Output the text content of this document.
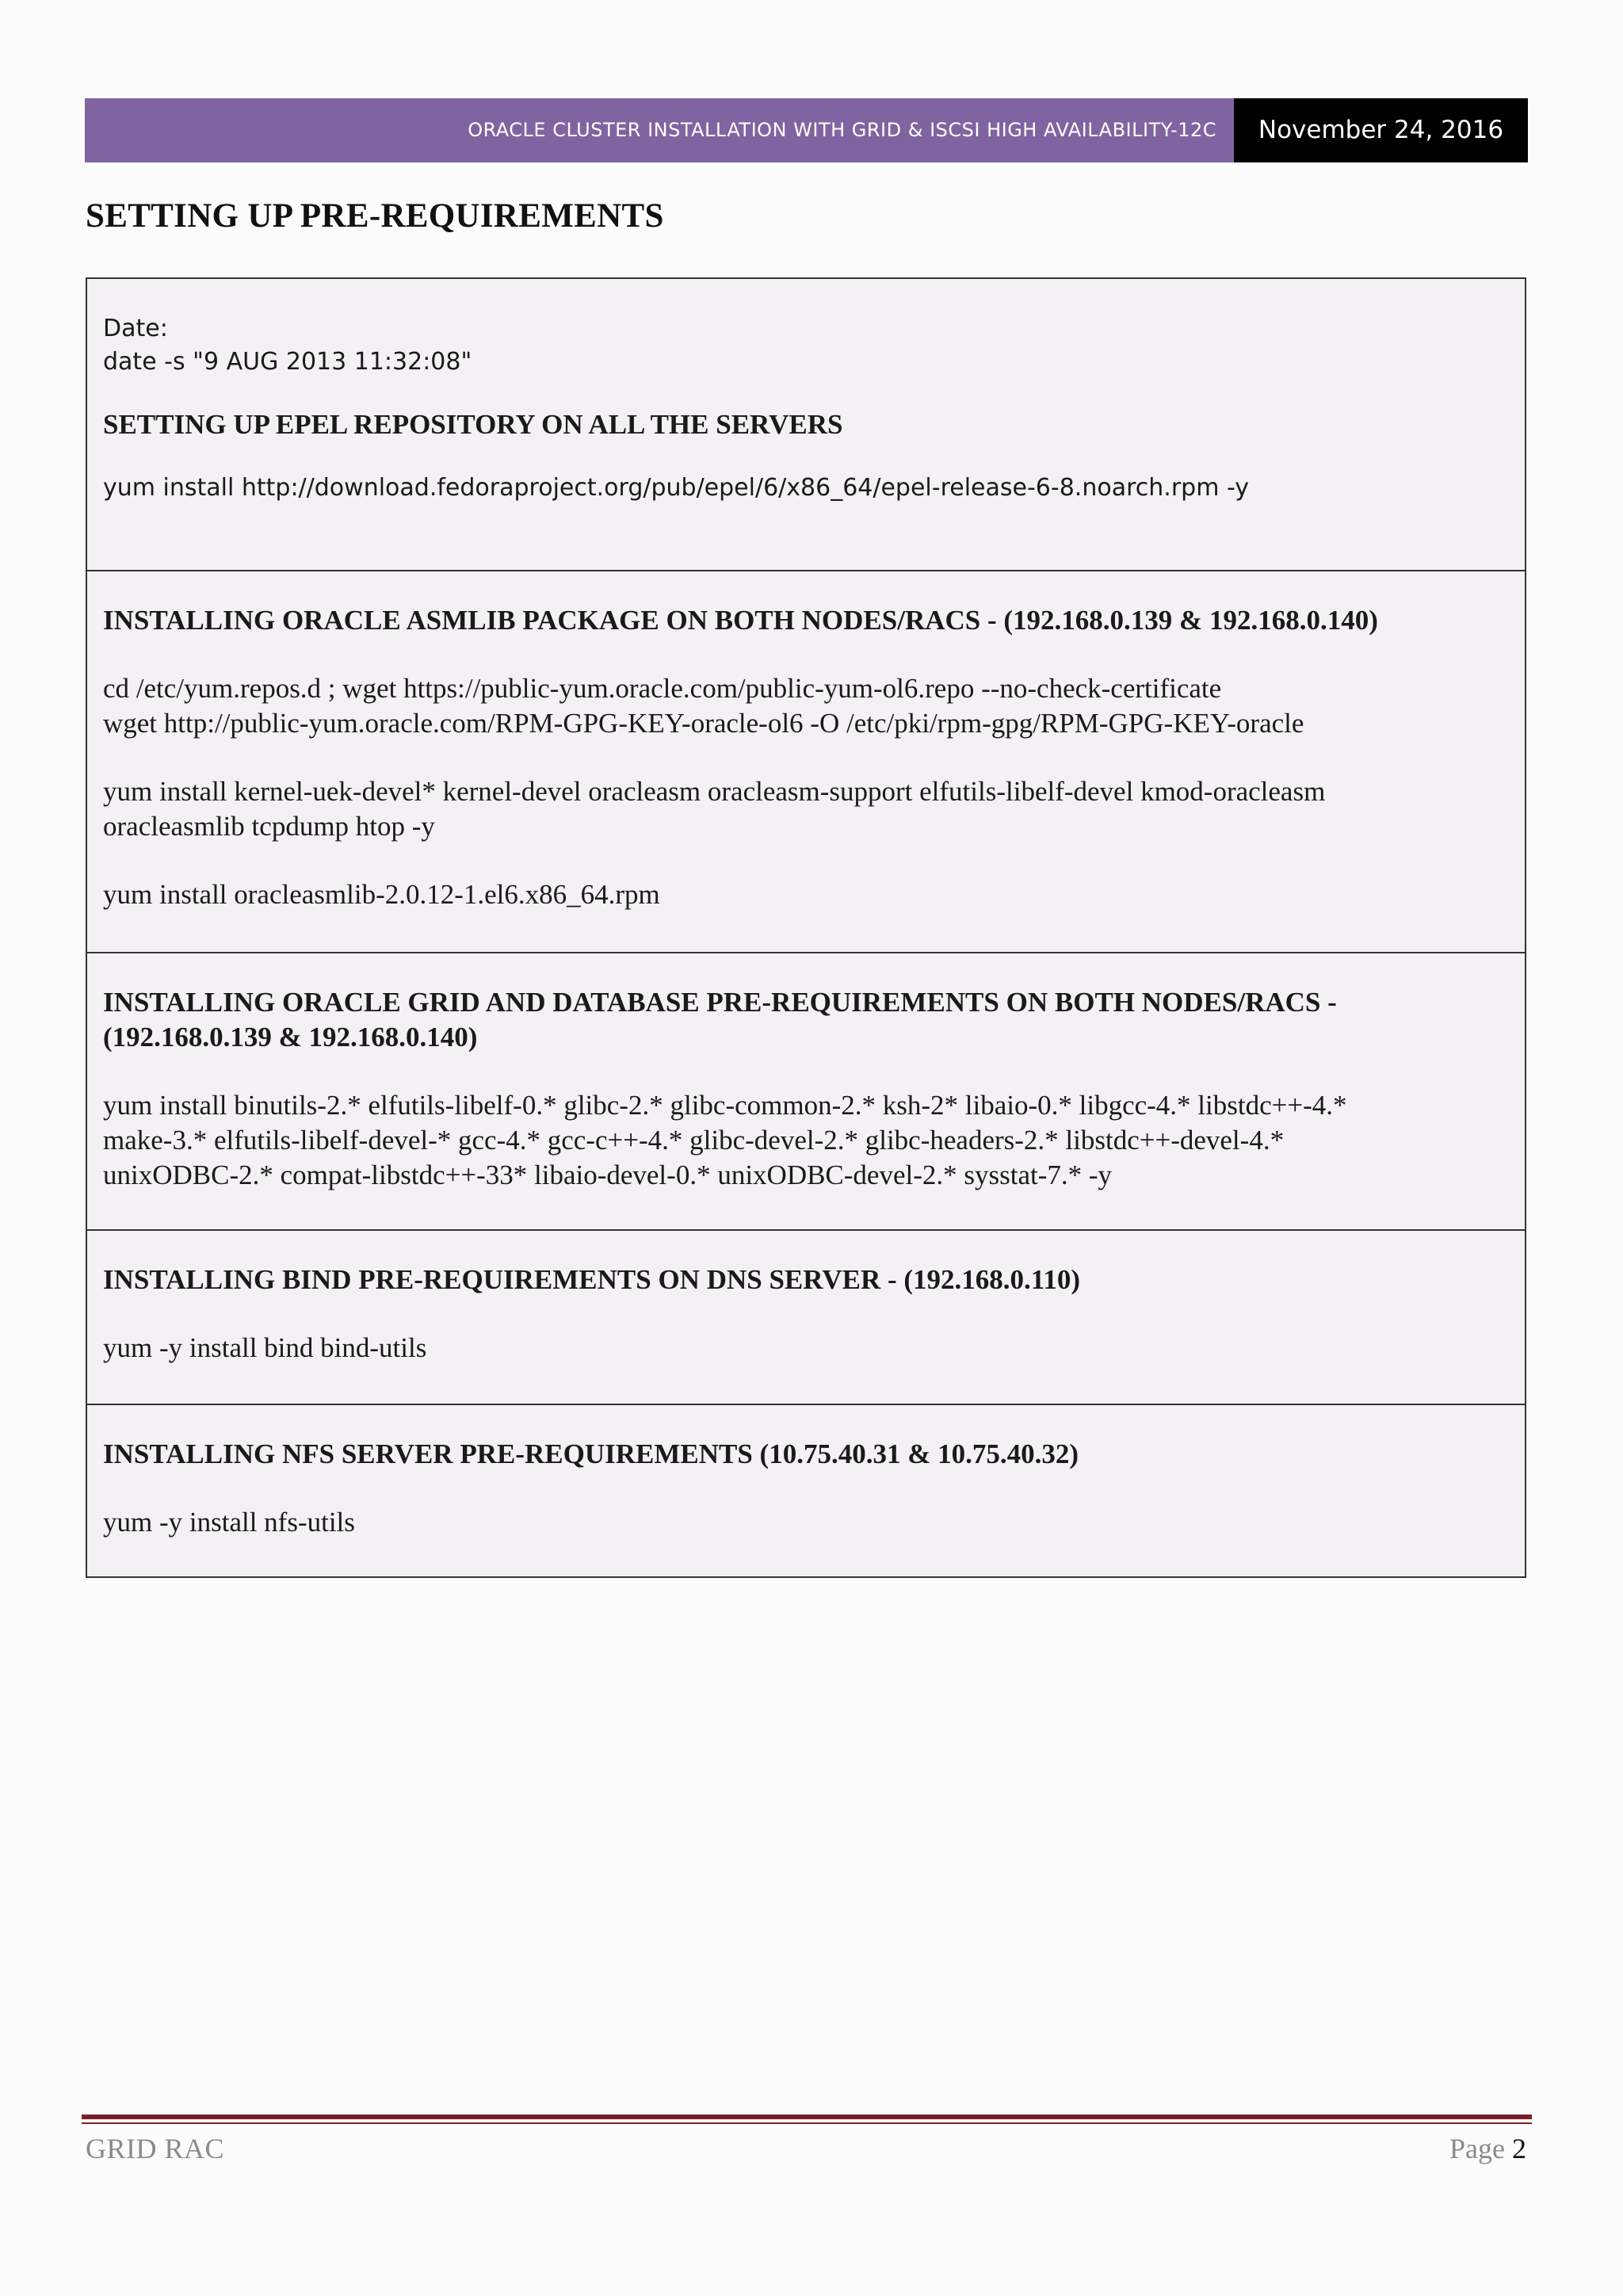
ORACLE CLUSTER INSTALLATION WITH GRID & ISCSI HIGH AVAILABILITY-12C	November 24, 2016
SETTING UP PRE-REQUIREMENTS

Date:

date -s "9 AUG 2013 11:32:08"

SETTING UP EPEL REPOSITORY ON ALL THE SERVERS

yum install http://download.fedoraproject.org/pub/epel/6/x86_64/epel-release-6-8.noarch.rpm -y

INSTALLING ORACLE ASMLIB PACKAGE ON BOTH NODES/RACS - (192.168.0.139 & 192.168.0.140)

cd /etc/yum.repos.d ; wget https://public-yum.oracle.com/public-yum-ol6.repo --no-check-certificate

wget http://public-yum.oracle.com/RPM-GPG-KEY-oracle-ol6 -O /etc/pki/rpm-gpg/RPM-GPG-KEY-oracle

yum install kernel-uek-devel* kernel-devel oracleasm oracleasm-support elfutils-libelf-devel kmod-oracleasm

oracleasmlib tcpdump htop -y

yum install oracleasmlib-2.0.12-1.el6.x86_64.rpm

INSTALLING ORACLE GRID AND DATABASE PRE-REQUIREMENTS ON BOTH NODES/RACS -

(192.168.0.139 & 192.168.0.140)

yum install binutils-2.* elfutils-libelf-0.* glibc-2.* glibc-common-2.* ksh-2* libaio-0.* libgcc-4.* libstdc++-4.*

make-3.* elfutils-libelf-devel-* gcc-4.* gcc-c++-4.* glibc-devel-2.* glibc-headers-2.* libstdc++-devel-4.*

unixODBC-2.* compat-libstdc++-33* libaio-devel-0.* unixODBC-devel-2.* sysstat-7.* -y

INSTALLING BIND PRE-REQUIREMENTS ON DNS SERVER - (192.168.0.110)

yum -y install bind bind-utils

INSTALLING NFS SERVER PRE-REQUIREMENTS (10.75.40.31 & 10.75.40.32)

yum -y install nfs-utils

GRID RAC	Page 2
